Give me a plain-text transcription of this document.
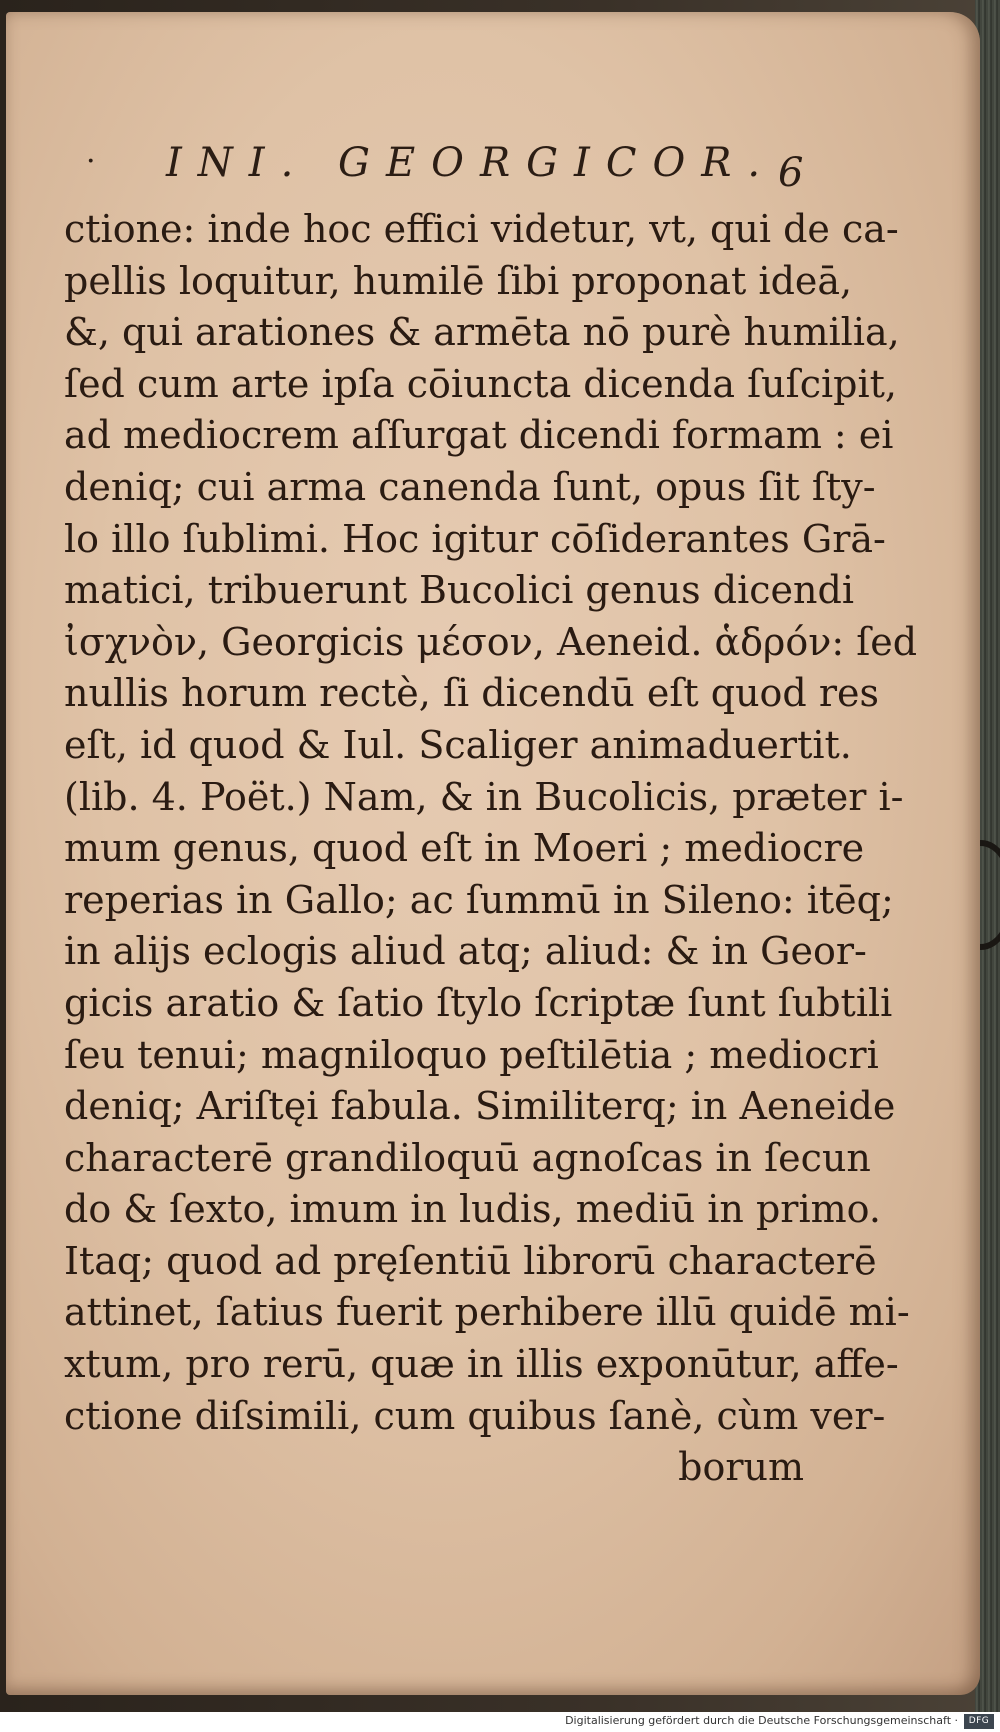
· INI. GEORGICOR. 6
ctione: inde hoc effici videtur, vt, qui de ca-
pellis loquitur, humilē ſibi proponat ideā,
&, qui arationes & armēta nō purè humilia,
ſed cum arte ipſa cōiuncta dicenda ſuſcipit,
ad mediocrem aſſurgat dicendi formam : ei
deniq; cui arma canenda ſunt, opus ſit ſty-
lo illo ſublimi. Hoc igitur cōſiderantes Grā-
matici, tribuerunt Bucolici genus dicendi
ἰσχνὸν, Georgicis μέσον, Aeneid. ἁδρόν: ſed
nullis horum rectè, ſi dicendū eſt quod res
eſt, id quod & Iul. Scaliger animaduertit.
(lib. 4. Poët.) Nam, & in Bucolicis, præter i-
mum genus, quod eſt in Moeri ; mediocre
reperias in Gallo; ac ſummū in Sileno: itēq;
in alijs eclogis aliud atq; aliud: & in Geor-
gicis aratio & ſatio ſtylo ſcriptæ ſunt ſubtili
ſeu tenui; magniloquo peſtilētia ; mediocri
deniq; Ariſtęi fabula. Similiterq; in Aeneide
characterē grandiloquū agnoſcas in ſecun
do & ſexto, imum in ludis, mediū in primo.
Itaq; quod ad pręſentiū librorū characterē
attinet, ſatius fuerit perhibere illū quidē mi-
xtum, pro rerū, quæ in illis exponūtur, affe-
ctione diſsimili, cum quibus ſanè, cùm ver-
borum
Digitalisierung gefördert durch die Deutsche Forschungsgemeinschaft ·	DFG
